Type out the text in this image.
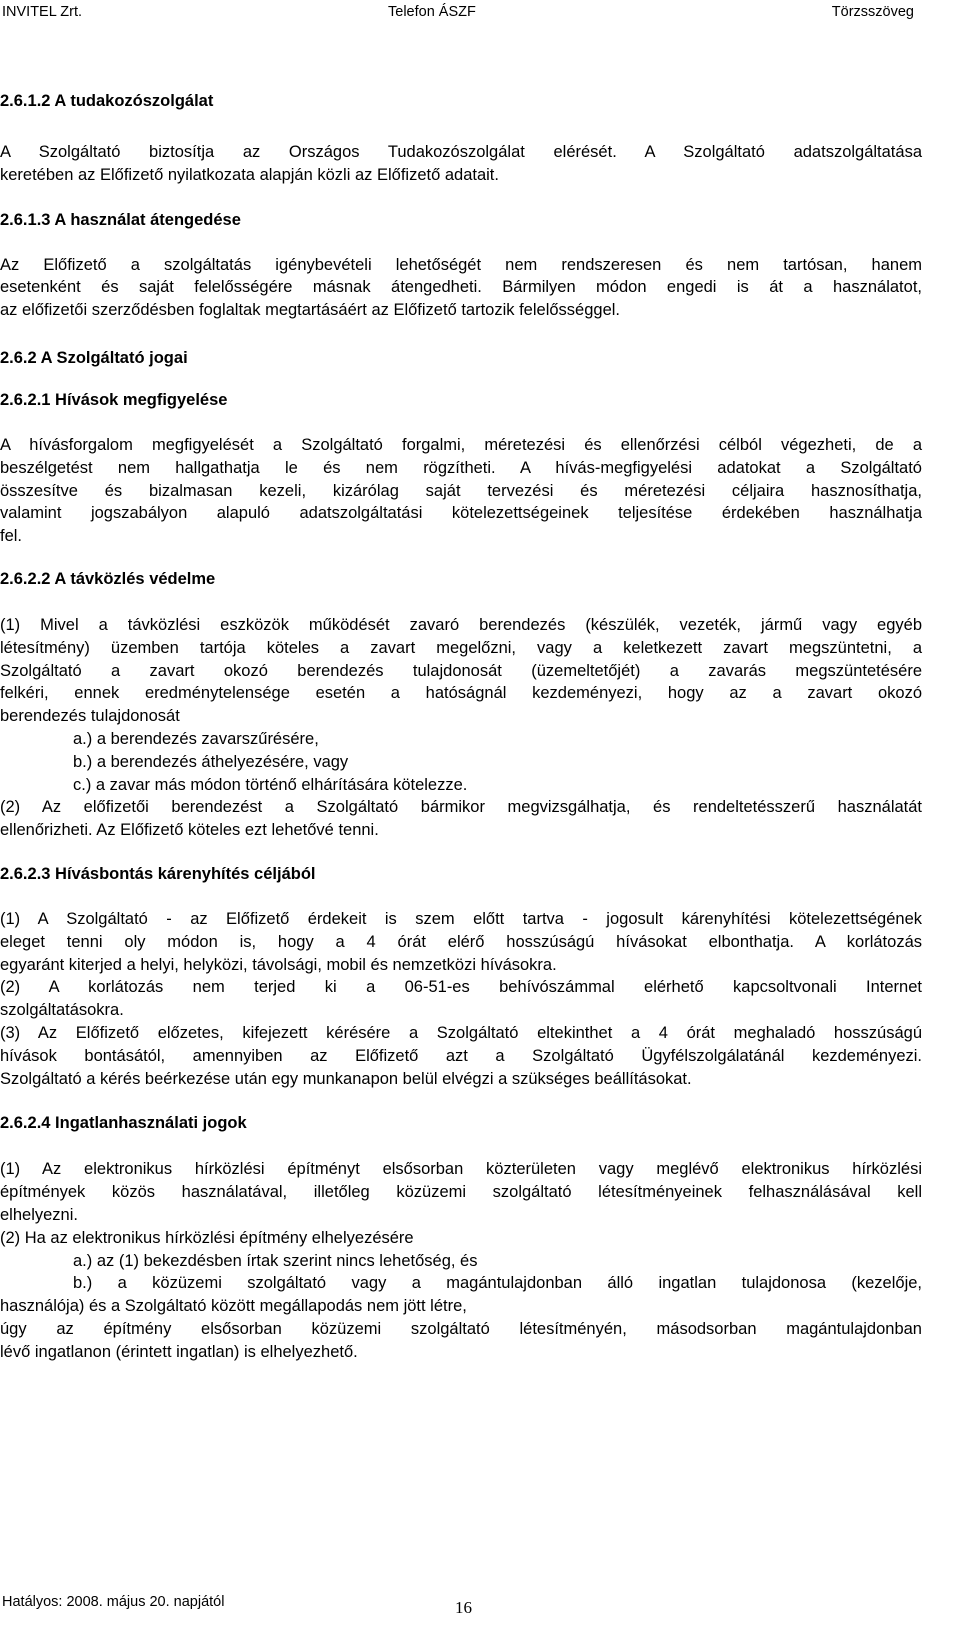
INVITEL Zrt.	Telefon ÁSZF	Törzsszöveg
2.6.1.2 A tudakozószolgálat

A Szolgáltató biztosítja az Országos Tudakozószolgálat elérését. A Szolgáltató adatszolgáltatása

keretében az Előfizető nyilatkozata alapján közli az Előfizető adatait.

2.6.1.3 A használat átengedése

Az Előfizető a szolgáltatás igénybevételi lehetőségét nem rendszeresen és nem tartósan, hanem

esetenként és saját felelősségére másnak átengedheti. Bármilyen módon engedi is át a használatot,

az előfizetői szerződésben foglaltak megtartásáért az Előfizető tartozik felelősséggel.

2.6.2 A Szolgáltató jogai
2.6.2.1 Hívások megfigyelése

A hívásforgalom megfigyelését a Szolgáltató forgalmi, méretezési és ellenőrzési célból végezheti, de a

beszélgetést nem hallgathatja le és nem rögzítheti. A hívás-megfigyelési adatokat a Szolgáltató

összesítve és bizalmasan kezeli, kizárólag saját tervezési és méretezési céljaira hasznosíthatja,

valamint jogszabályon alapuló adatszolgáltatási kötelezettségeinek teljesítése érdekében használhatja

fel.

2.6.2.2 A távközlés védelme

(1) Mivel a távközlési eszközök működését zavaró berendezés (készülék, vezeték, jármű vagy egyéb

létesítmény) üzemben tartója köteles a zavart megelőzni, vagy a keletkezett zavart megszüntetni, a

Szolgáltató a zavart okozó berendezés tulajdonosát (üzemeltetőjét) a zavarás megszüntetésére

felkéri, ennek eredménytelensége esetén a hatóságnál kezdeményezi, hogy az a zavart okozó

berendezés tulajdonosát

a.) a berendezés zavarszűrésére,

b.) a berendezés áthelyezésére, vagy

c.) a zavar más módon történő elhárítására kötelezze.

(2) Az előfizetői berendezést a Szolgáltató bármikor megvizsgálhatja, és rendeltetésszerű használatát

ellenőrizheti. Az Előfizető köteles ezt lehetővé tenni.

2.6.2.3 Hívásbontás kárenyhítés céljából

(1) A Szolgáltató - az Előfizető érdekeit is szem előtt tartva - jogosult kárenyhítési kötelezettségének

eleget tenni oly módon is, hogy a 4 órát elérő hosszúságú hívásokat elbonthatja. A korlátozás

egyaránt kiterjed a helyi, helyközi, távolsági, mobil és nemzetközi hívásokra.

(2) A korlátozás nem terjed ki a 06-51-es behívószámmal elérhető kapcsoltvonali Internet

szolgáltatásokra.

(3) Az Előfizető előzetes, kifejezett kérésére a Szolgáltató eltekinthet a 4 órát meghaladó hosszúságú

hívások bontásától, amennyiben az Előfizető azt a Szolgáltató Ügyfélszolgálatánál kezdeményezi.

Szolgáltató a kérés beérkezése után egy munkanapon belül elvégzi a szükséges beállításokat.

2.6.2.4 Ingatlanhasználati jogok

(1) Az elektronikus hírközlési építményt elsősorban közterületen vagy meglévő elektronikus hírközlési

építmények közös használatával, illetőleg közüzemi szolgáltató létesítményeinek felhasználásával kell

elhelyezni.

(2) Ha az elektronikus hírközlési építmény elhelyezésére

a.) az (1) bekezdésben írtak szerint nincs lehetőség, és

b.) a közüzemi szolgáltató vagy a magántulajdonban álló ingatlan tulajdonosa (kezelője,

használója) és a Szolgáltató között megállapodás nem jött létre,

úgy az építmény elsősorban közüzemi szolgáltató létesítményén, másodsorban magántulajdonban

lévő ingatlanon (érintett ingatlan) is elhelyezhető.

Hatályos: 2008. május 20. napjától	16
